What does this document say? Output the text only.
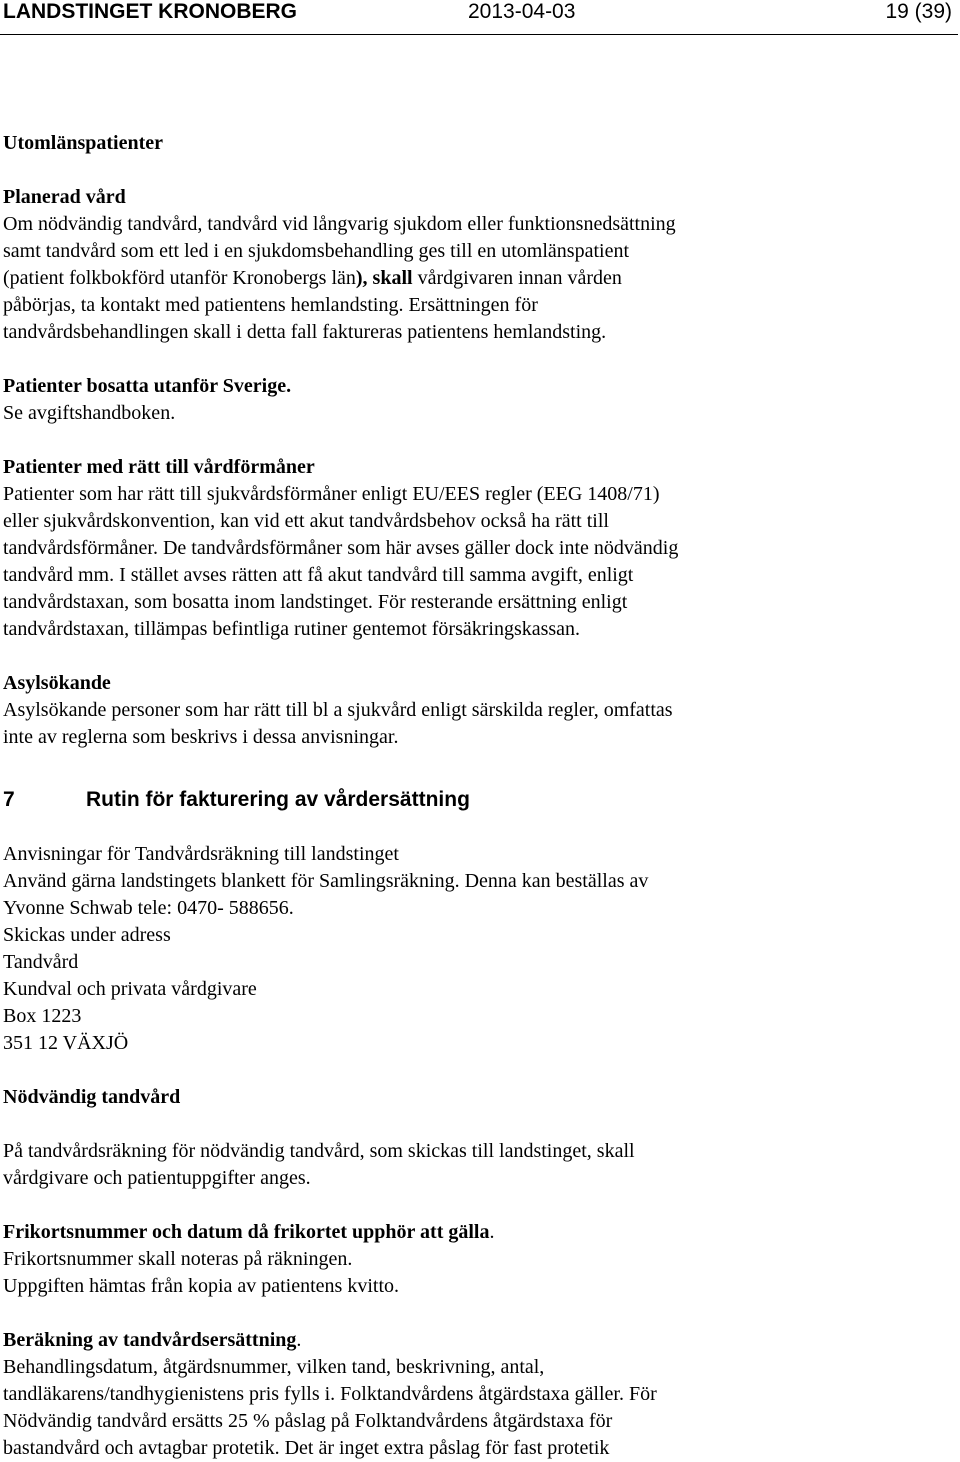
LANDSTINGET KRONOBERG	2013-04-03	19 (39)

Utomlänspatienter

Planerad vård

Om nödvändig tandvård, tandvård vid långvarig sjukdom eller funktionsnedsättning

samt tandvård som ett led i en sjukdomsbehandling ges till en utomlänspatient

(patient folkbokförd utanför Kronobergs län), skall vårdgivaren innan vården

påbörjas, ta kontakt med patientens hemlandsting. Ersättningen för

tandvårdsbehandlingen skall i detta fall faktureras patientens hemlandsting.

Patienter bosatta utanför Sverige.

Se avgiftshandboken.

Patienter med rätt till vårdförmåner

Patienter som har rätt till sjukvårdsförmåner enligt EU/EES regler (EEG 1408/71)

eller sjukvårdskonvention, kan vid ett akut tandvårdsbehov också ha rätt till

tandvårdsförmåner. De tandvårdsförmåner som här avses gäller dock inte nödvändig

tandvård mm. I stället avses rätten att få akut tandvård till samma avgift, enligt

tandvårdstaxan, som bosatta inom landstinget. För resterande ersättning enligt

tandvårdstaxan, tillämpas befintliga rutiner gentemot försäkringskassan.

Asylsökande

Asylsökande personer som har rätt till bl a sjukvård enligt särskilda regler, omfattas

inte av reglerna som beskrivs i dessa anvisningar.

7	Rutin för fakturering av vårdersättning

Anvisningar för Tandvårdsräkning till landstinget

Använd gärna landstingets blankett för Samlingsräkning. Denna kan beställas av

Yvonne Schwab tele: 0470- 588656.

Skickas under adress

Tandvård

Kundval och privata vårdgivare

Box 1223

351 12 VÄXJÖ

Nödvändig tandvård

På tandvårdsräkning för nödvändig tandvård, som skickas till landstinget, skall

vårdgivare och patientuppgifter anges.

Frikortsnummer och datum då frikortet upphör att gälla.

Frikortsnummer skall noteras på räkningen.

Uppgiften hämtas från kopia av patientens kvitto.

Beräkning av tandvårdsersättning.

Behandlingsdatum, åtgärdsnummer, vilken tand, beskrivning, antal,

tandläkarens/tandhygienistens pris fylls i. Folktandvårdens åtgärdstaxa gäller. För

Nödvändig tandvård ersätts 25 % påslag på Folktandvårdens åtgärdstaxa för

bastandvård och avtagbar protetik. Det är inget extra påslag för fast protetik
